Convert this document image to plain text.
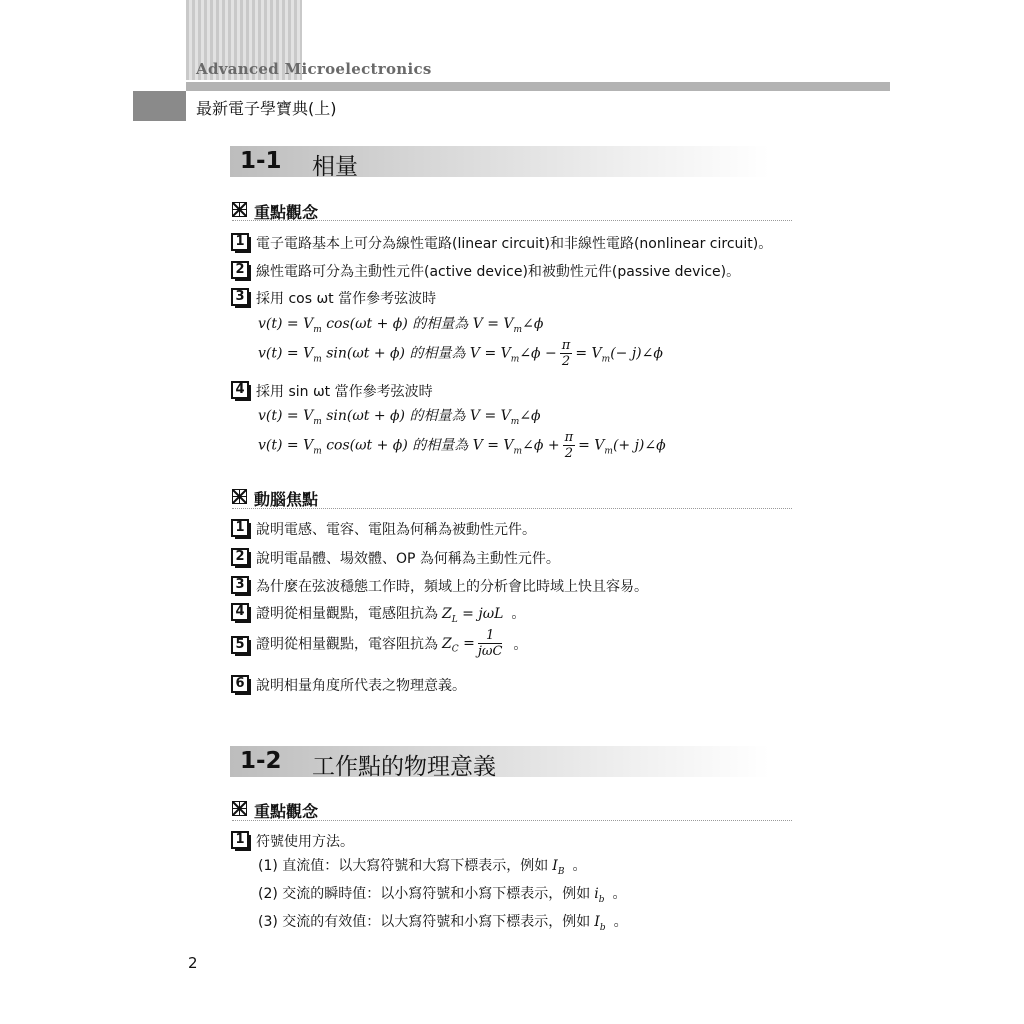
Advanced Microelectronics
最新電子學寶典(上)
1-1 相量
重點觀念
1 電子電路基本上可分為線性電路(linear circuit)和非線性電路(nonlinear circuit)。
2 線性電路可分為主動性元件(active device)和被動性元件(passive device)。
3 採用 cos ωt 當作參考弦波時
$v(t) = V_m$ cos(ωt + ϕ) 的相量為 $V = V_m\angle\phi$
$v(t) = V_m$ sin(ωt + ϕ) 的相量為 $V = V_m\angle\phi - \frac{\pi}{2} = V_m(-$ j)∠ϕ
4 採用 sin ωt 當作參考弦波時
$v(t) = V_m$ sin(ωt + ϕ) 的相量為 $V = V_m\angle\phi$
$v(t) = V_m$ cos(ωt + ϕ) 的相量為 $V = V_m\angle\phi + \frac{\pi}{2} = V_m(+$ j)∠ϕ
動腦焦點
1 說明電感、電容、電阻為何稱為被動性元件。
2 說明電晶體、場效體、OP 為何稱為主動性元件。
3 為什麼在弦波穩態工作時，頻域上的分析會比時域上快且容易。
4 證明從相量觀點，電感阻抗為 $Z_L = j\omega L$ 。
5 證明從相量觀點，電容阻抗為 $Z_C = \frac{1}{\text{jωC}}$ 。
6 說明相量角度所代表之物理意義。
1-2 工作點的物理意義
重點觀念
1 符號使用方法。
(1) 直流值：以大寫符號和大寫下標表示，例如 $I_B$ 。
(2) 交流的瞬時值：以小寫符號和小寫下標表示，例如 $i_b$ 。
(3) 交流的有效值：以大寫符號和小寫下標表示，例如 $I_b$ 。
2
